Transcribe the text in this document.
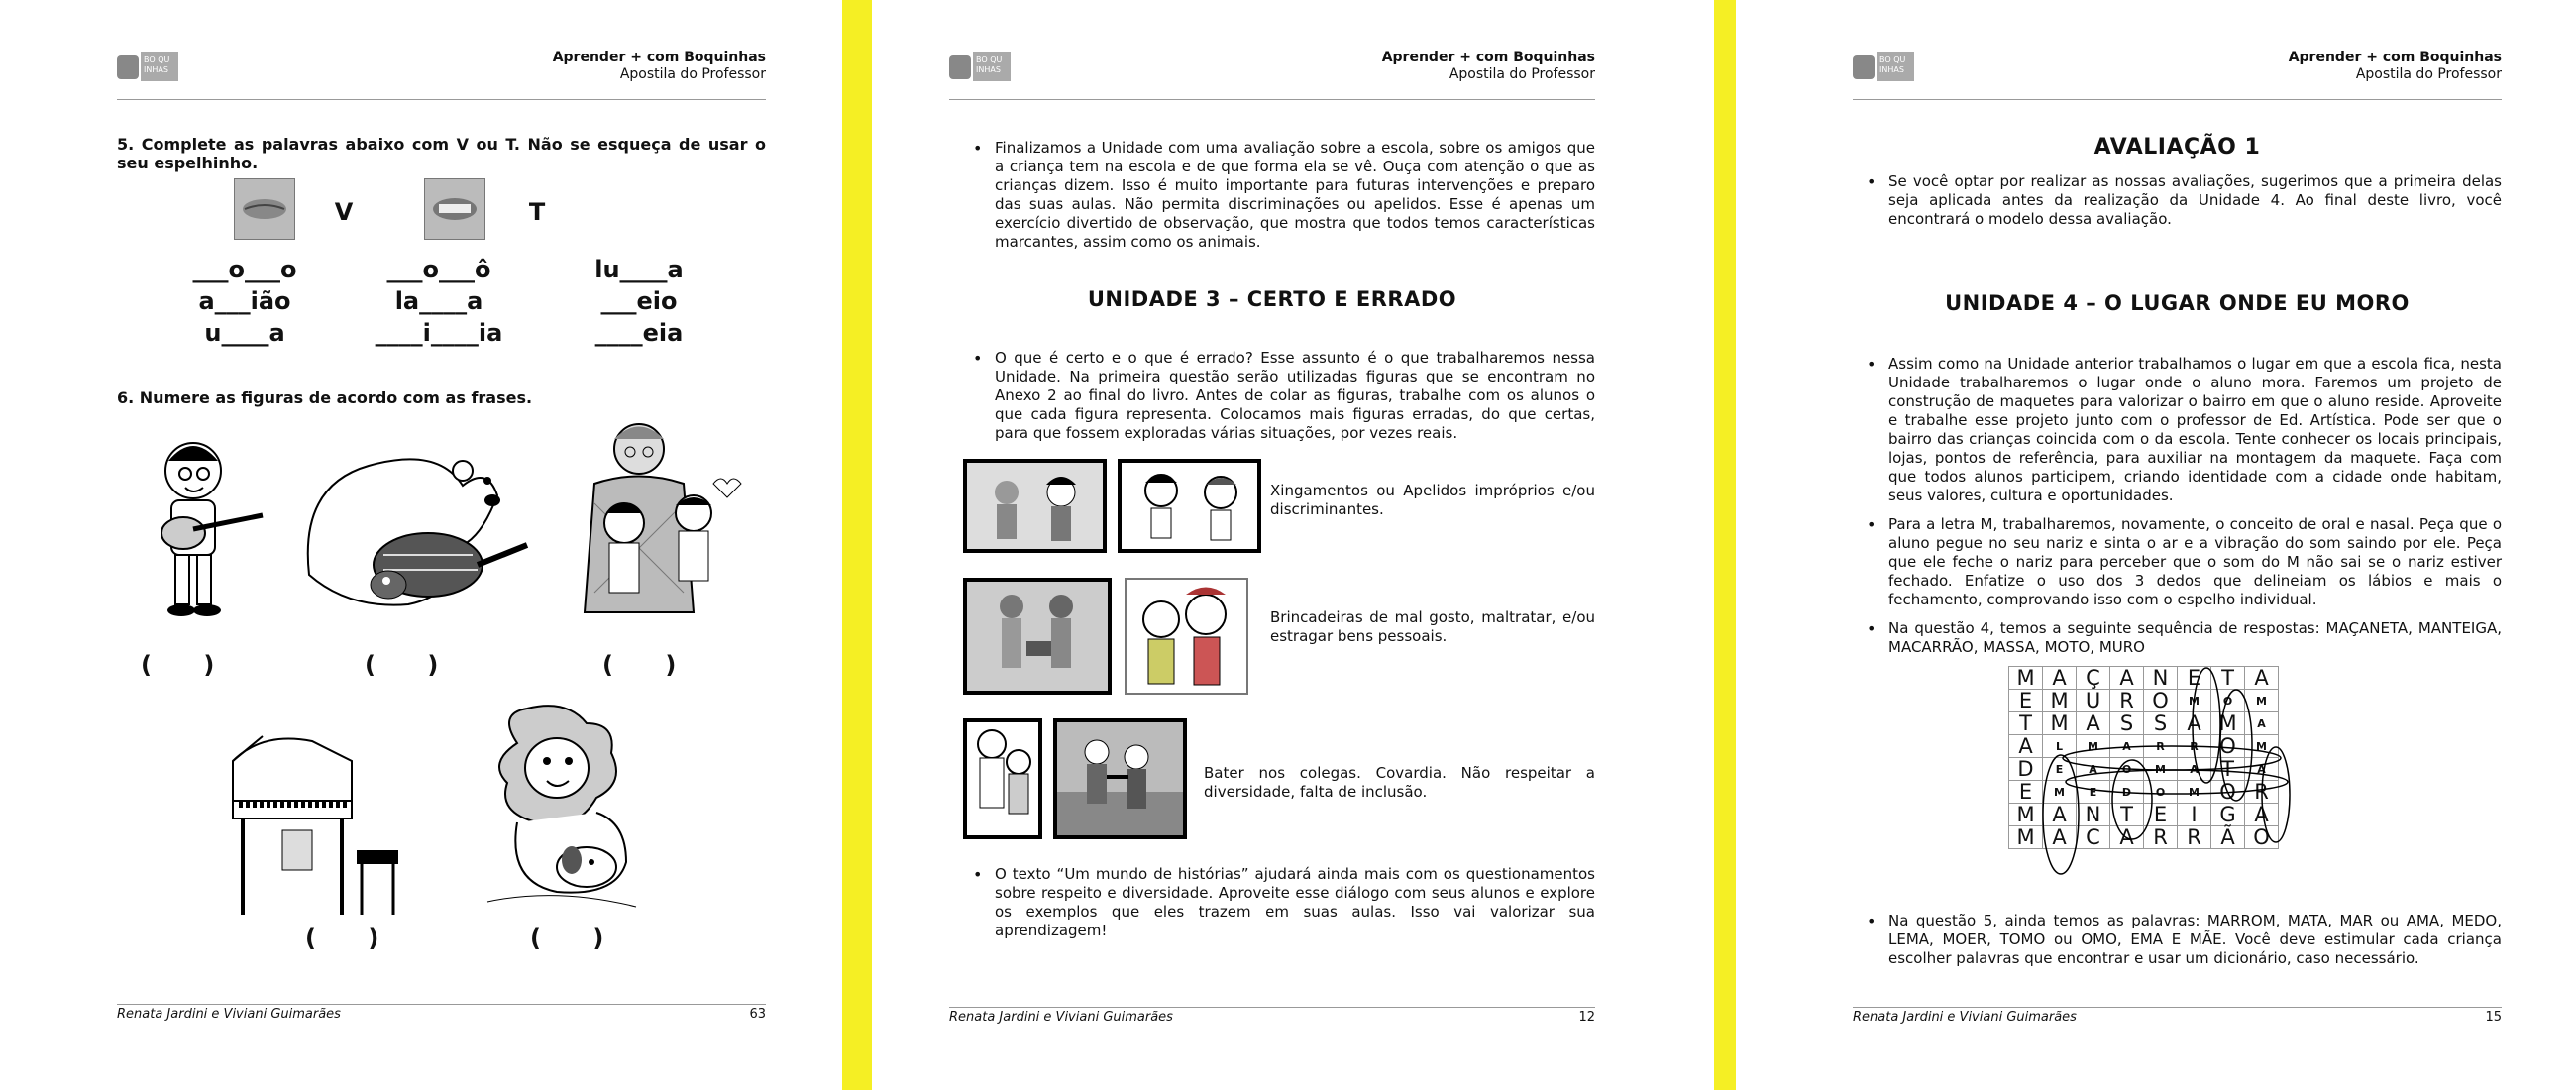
BO QU
INHAS
Aprender + com Boquinhas
Apostila do Professor
5. Complete as palavras abaixo com V ou T. Não se esqueça de usar o seu espelhinho.
V	T
___o___o	___o___ô	lu____a
a___ião	la____a	___eio
u____a	____i____ia	____eia
6. Numere as figuras de acordo com as frases.
( )	( )	( )
( )	( )
Renata Jardini e Viviani Guimarães	63
BO QU
INHAS
Aprender + com Boquinhas
Apostila do Professor
• Finalizamos a Unidade com uma avaliação sobre a escola, sobre os amigos que a criança tem na escola e de que forma ela se vê. Ouça com atenção o que as crianças dizem. Isso é muito importante para futuras intervenções e preparo das suas aulas. Não permita discriminações ou apelidos. Esse é apenas um exercício divertido de observação, que mostra que todos temos características marcantes, assim como os animais.
UNIDADE 3 – CERTO E ERRADO
• O que é certo e o que é errado? Esse assunto é o que trabalharemos nessa Unidade. Na primeira questão serão utilizadas figuras que se encontram no Anexo 2 ao final do livro. Antes de colar as figuras, trabalhe com os alunos o que cada figura representa. Colocamos mais figuras erradas, do que certas, para que fossem exploradas várias situações, por vezes reais.
Xingamentos ou Apelidos impróprios e/ou discriminantes.
Brincadeiras de mal gosto, maltratar, e/ou estragar bens pessoais.
Bater nos colegas. Covardia. Não respeitar a diversidade, falta de inclusão.
• O texto “Um mundo de histórias” ajudará ainda mais com os questionamentos sobre respeito e diversidade. Aproveite esse diálogo com seus alunos e explore os exemplos que eles trazem em suas aulas. Isso vai valorizar sua aprendizagem!
Renata Jardini e Viviani Guimarães	12
BO QU
INHAS
Aprender + com Boquinhas
Apostila do Professor
AVALIAÇÃO 1
• Se você optar por realizar as nossas avaliações, sugerimos que a primeira delas seja aplicada antes da realização da Unidade 4. Ao final deste livro, você encontrará o modelo dessa avaliação.
UNIDADE 4 – O LUGAR ONDE EU MORO
• Assim como na Unidade anterior trabalhamos o lugar em que a escola fica, nesta Unidade trabalharemos o lugar onde o aluno mora. Faremos um projeto de construção de maquetes para valorizar o bairro em que o aluno reside. Aproveite e trabalhe esse projeto junto com o professor de Ed. Artística. Pode ser que o bairro das crianças coincida com o da escola. Tente conhecer os locais principais, lojas, pontos de referência, para auxiliar na montagem da maquete. Faça com que todos alunos participem, criando identidade com a cidade onde habitam, seus valores, cultura e oportunidades.
• Para a letra M, trabalharemos, novamente, o conceito de oral e nasal. Peça que o aluno pegue no seu nariz e sinta o ar e a vibração do som saindo por ele. Peça que ele feche o nariz para perceber que o som do M não sai se o nariz estiver fechado. Enfatize o uso dos 3 dedos que delineiam os lábios e mais o fechamento, comprovando isso com o espelho individual.
• Na questão 4, temos a seguinte sequência de respostas: MAÇANETA, MANTEIGA, MACARRÃO, MASSA, MOTO, MURO
M	A	Ç	A	N	E	T	A
E	M	U	R	O	M	O	M
T	M	A	S	S	A	M	A
A	L	M	A	R	R	O	M
D	E	A	O	M	A	T	A
E	M	E	D	O	M	O	R
M	A	N	T	E	I	G	A
M	A	C	A	R	R	Ã	O
• Na questão 5, ainda temos as palavras: MARROM, MATA, MAR ou AMA, MEDO, LEMA, MOER, TOMO ou OMO, EMA E MÃE. Você deve estimular cada criança escolher palavras que encontrar e usar um dicionário, caso necessário.
Renata Jardini e Viviani Guimarães	15
